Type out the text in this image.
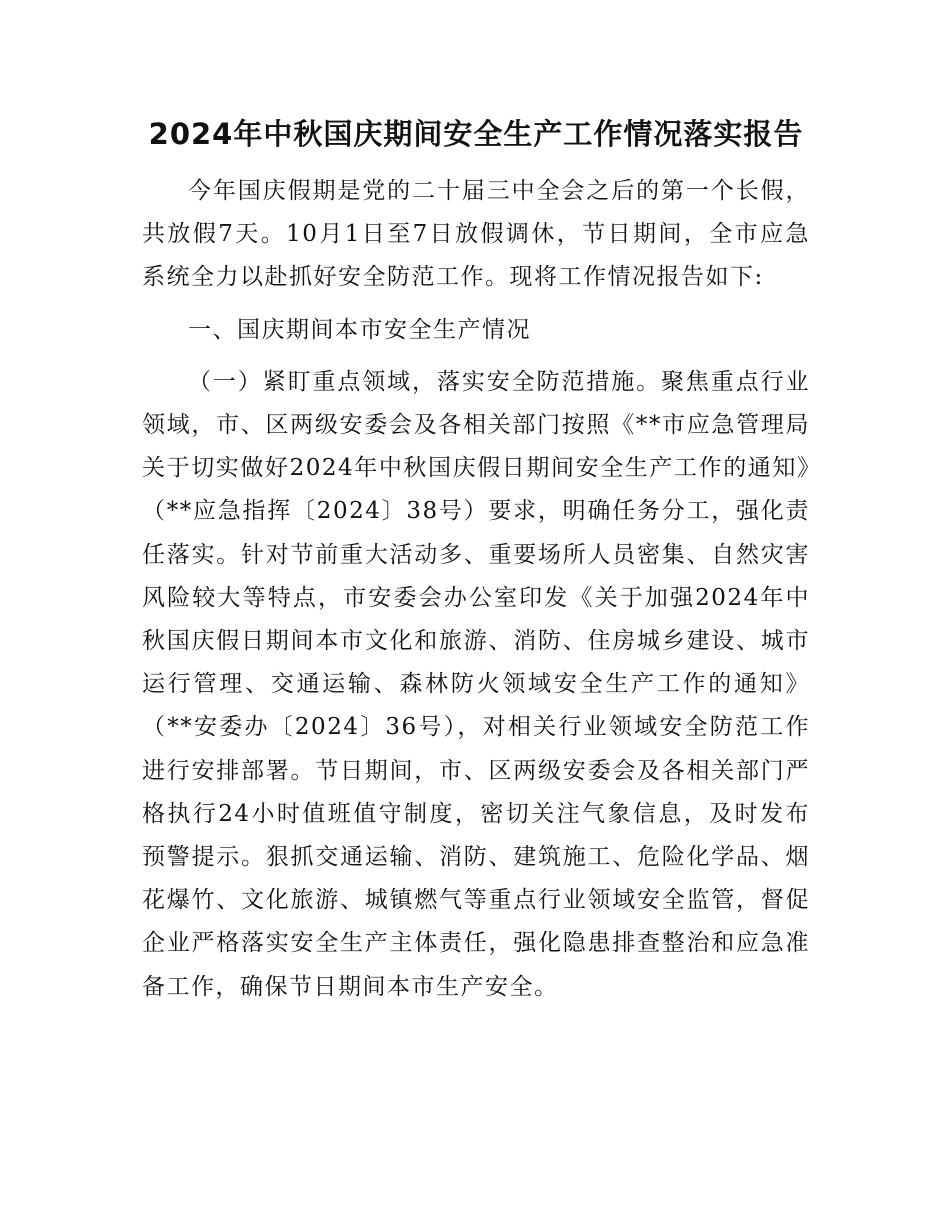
2024年中秋国庆期间安全生产工作情况落实报告

今年国庆假期是党的二十届三中全会之后的第一个长假，共放假7天。10月1日至7日放假调休，节日期间，全市应急系统全力以赴抓好安全防范工作。现将工作情况报告如下:

一、国庆期间本市安全生产情况

（一）紧盯重点领域，落实安全防范措施。聚焦重点行业领域，市、区两级安委会及各相关部门按照《**市应急管理局关于切实做好2024年中秋国庆假日期间安全生产工作的通知》（**应急指挥〔2024〕38号）要求，明确任务分工，强化责任落实。针对节前重大活动多、重要场所人员密集、自然灾害风险较大等特点，市安委会办公室印发《关于加强2024年中秋国庆假日期间本市文化和旅游、消防、住房城乡建设、城市运行管理、交通运输、森林防火领域安全生产工作的通知》（**安委办〔2024〕36号），对相关行业领域安全防范工作进行安排部署。节日期间，市、区两级安委会及各相关部门严格执行24小时值班值守制度，密切关注气象信息，及时发布预警提示。狠抓交通运输、消防、建筑施工、危险化学品、烟花爆竹、文化旅游、城镇燃气等重点行业领域安全监管，督促企业严格落实安全生产主体责任，强化隐患排查整治和应急准备工作，确保节日期间本市生产安全。
